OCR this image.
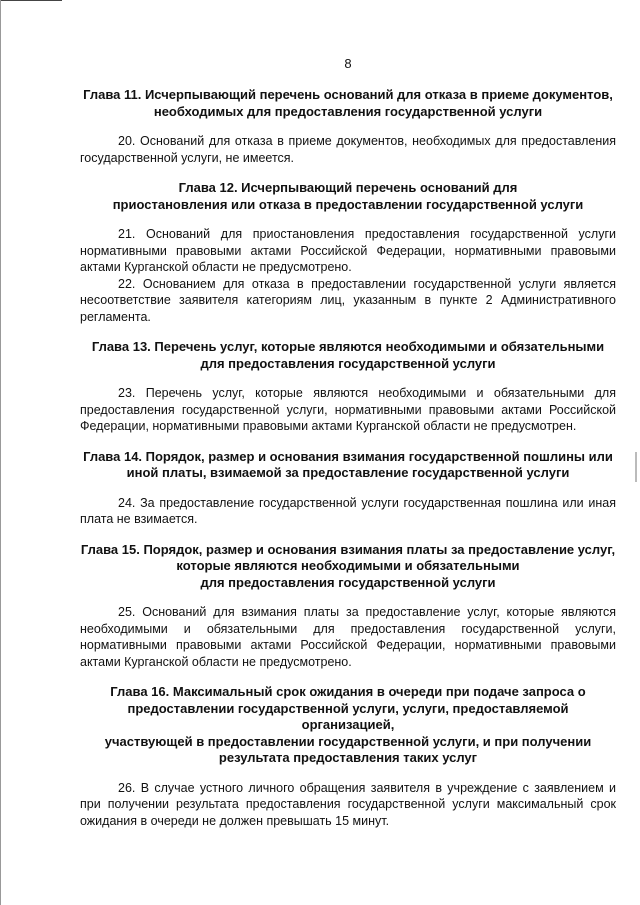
8
Глава 11. Исчерпывающий перечень оснований для отказа в приеме документов,
необходимых для предоставления государственной услуги

20. Оснований для отказа в приеме документов, необходимых для предоставления государственной услуги, не имеется.

Глава 12. Исчерпывающий перечень оснований для
приостановления или отказа в предоставлении государственной услуги

21. Оснований для приостановления предоставления государственной услуги нормативными правовыми актами Российской Федерации, нормативными правовыми актами Курганской области не предусмотрено.

22. Основанием для отказа в предоставлении государственной услуги является несоответствие заявителя категориям лиц, указанным в пункте 2 Административного регламента.

Глава 13. Перечень услуг, которые являются необходимыми и обязательными
для предоставления государственной услуги

23. Перечень услуг, которые являются необходимыми и обязательными для предоставления государственной услуги, нормативными правовыми актами Российской Федерации, нормативными правовыми актами Курганской области не предусмотрен.

Глава 14. Порядок, размер и основания взимания государственной пошлины или
иной платы, взимаемой за предоставление государственной услуги

24. За предоставление государственной услуги государственная пошлина или иная плата не взимается.

Глава 15. Порядок, размер и основания взимания платы за предоставление услуг,
которые являются необходимыми и обязательными
для предоставления государственной услуги

25. Оснований для взимания платы за предоставление услуг, которые являются необходимыми и обязательными для предоставления государственной услуги, нормативными правовыми актами Российской Федерации, нормативными правовыми актами Курганской области не предусмотрено.

Глава 16. Максимальный срок ожидания в очереди при подаче запроса о
предоставлении государственной услуги, услуги, предоставляемой организацией,
участвующей в предоставлении государственной услуги, и при получении
результата предоставления таких услуг

26. В случае устного личного обращения заявителя в учреждение с заявлением и при получении результата предоставления государственной услуги максимальный срок ожидания в очереди не должен превышать 15 минут.
